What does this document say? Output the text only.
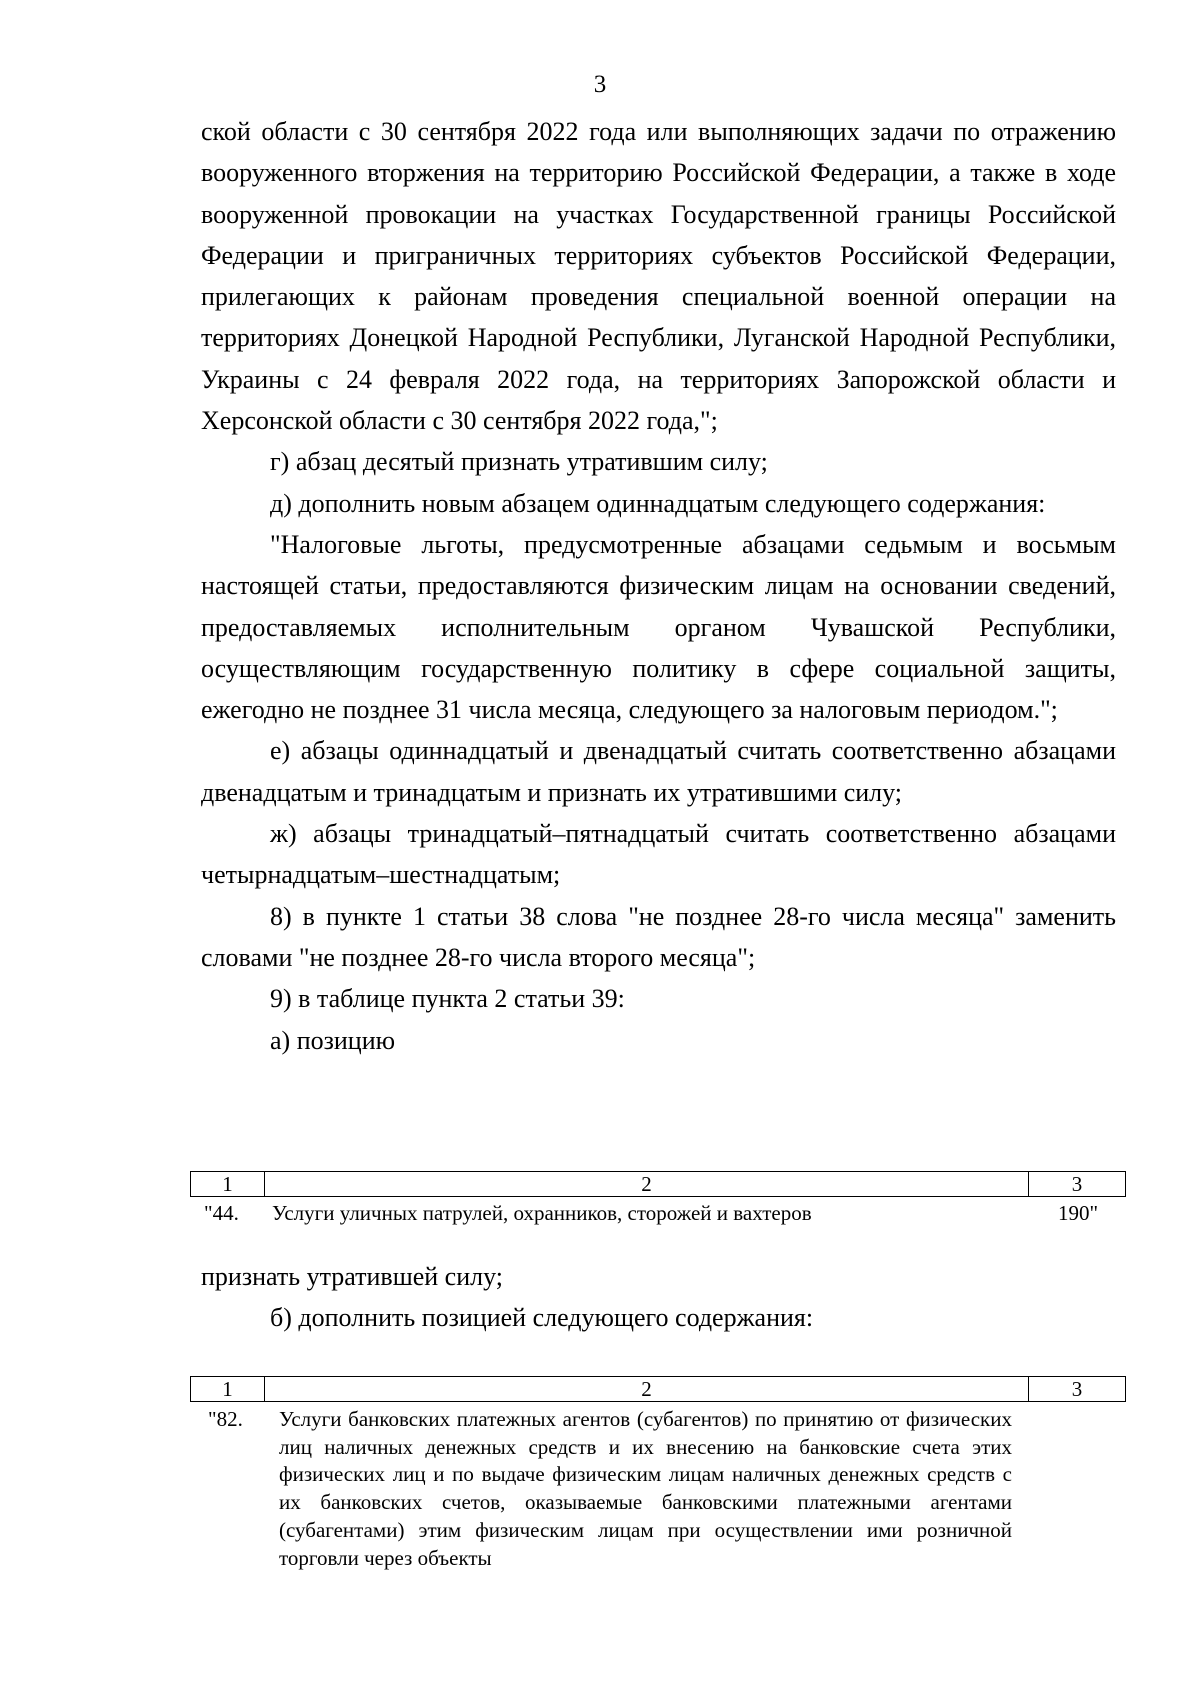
3

ской области с 30 сентября 2022 года или выполняющих задачи по отражению вооруженного вторжения на территорию Российской Федерации, а также в ходе вооруженной провокации на участках Государственной границы Российской Федерации и приграничных территориях субъектов Российской Федерации, прилегающих к районам проведения специальной военной операции на территориях Донецкой Народной Республики, Луганской Народной Республики, Украины с 24 февраля 2022 года, на территориях Запорожской области и Херсонской области с 30 сентября 2022 года,";

г) абзац десятый признать утратившим силу;

д) дополнить новым абзацем одиннадцатым следующего содержания:

"Налоговые льготы, предусмотренные абзацами седьмым и восьмым настоящей статьи, предоставляются физическим лицам на основании сведений, предоставляемых исполнительным органом Чувашской Республики, осуществляющим государственную политику в сфере социальной защиты, ежегодно не позднее 31 числа месяца, следующего за налоговым периодом.";

е) абзацы одиннадцатый и двенадцатый считать соответственно абзацами двенадцатым и тринадцатым и признать их утратившими силу;

ж) абзацы тринадцатый–пятнадцатый считать соответственно абзацами четырнадцатым–шестнадцатым;

8) в пункте 1 статьи 38 слова "не позднее 28-го числа месяца" заменить словами "не позднее 28-го числа второго месяца";

9) в таблице пункта 2 статьи 39:

а) позицию

1	2	3
"44.	Услуги уличных патрулей, охранников, сторожей и вахтеров	190"

признать утратившей силу;

б) дополнить позицией следующего содержания:

1	2	3
"82.	Услуги банковских платежных агентов (субагентов) по принятию от физических лиц наличных денежных средств и их внесению на банковские счета этих физических лиц и по выдаче физическим лицам наличных денежных средств с их банковских счетов, оказываемые банковскими платежными агентами (субагентами) этим физическим лицам при осуществлении ими розничной торговли через объекты
